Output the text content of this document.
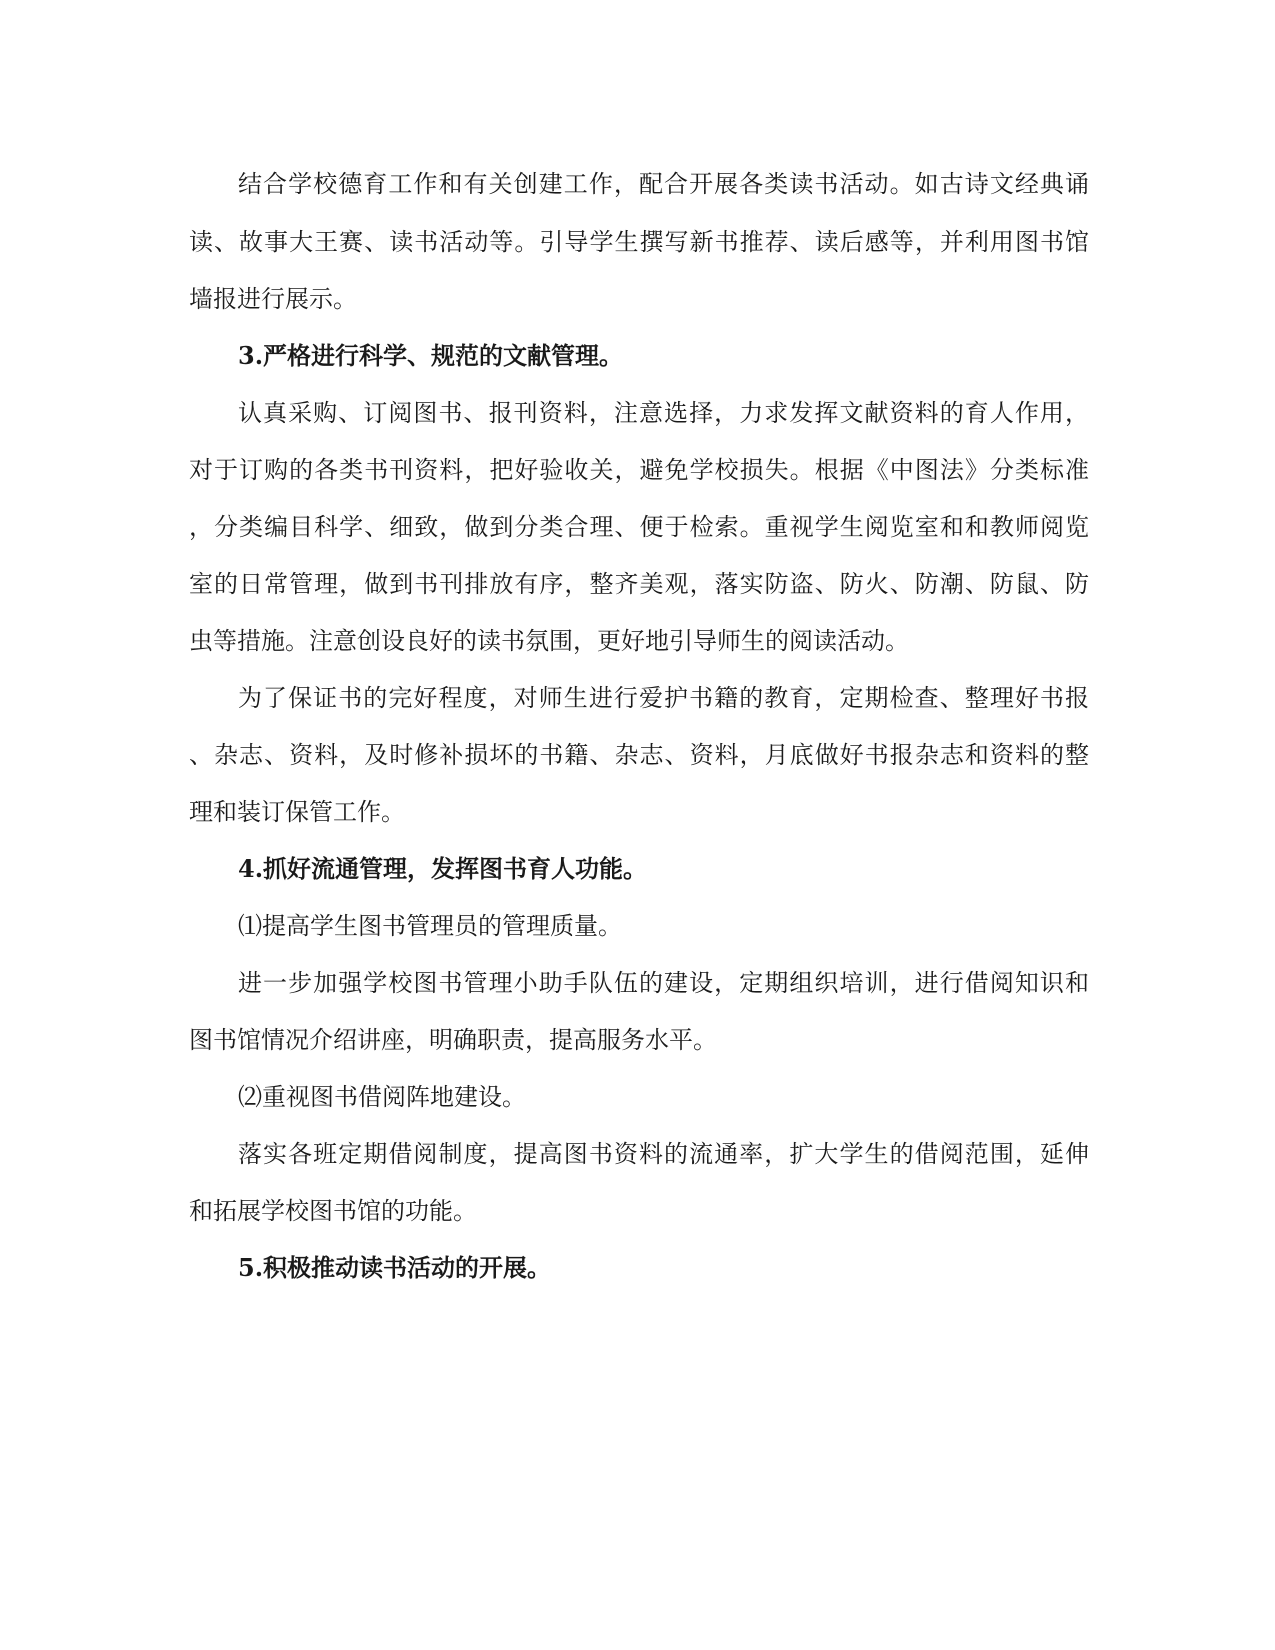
结合学校德育工作和有关创建工作，配合开展各类读书活动。如古诗文经典诵
读、故事大王赛、读书活动等。引导学生撰写新书推荐、读后感等，并利用图书馆
墙报进行展示。
3.严格进行科学、规范的文献管理。
认真采购、订阅图书、报刊资料，注意选择，力求发挥文献资料的育人作用，
对于订购的各类书刊资料，把好验收关，避免学校损失。根据《中图法》分类标准
，分类编目科学、细致，做到分类合理、便于检索。重视学生阅览室和和教师阅览
室的日常管理，做到书刊排放有序，整齐美观，落实防盗、防火、防潮、防鼠、防
虫等措施。注意创设良好的读书氛围，更好地引导师生的阅读活动。
为了保证书的完好程度，对师生进行爱护书籍的教育，定期检查、整理好书报
、杂志、资料，及时修补损坏的书籍、杂志、资料，月底做好书报杂志和资料的整
理和装订保管工作。
4.抓好流通管理，发挥图书育人功能。
⑴提高学生图书管理员的管理质量。
进一步加强学校图书管理小助手队伍的建设，定期组织培训，进行借阅知识和
图书馆情况介绍讲座，明确职责，提高服务水平。
⑵重视图书借阅阵地建设。
落实各班定期借阅制度，提高图书资料的流通率，扩大学生的借阅范围，延伸
和拓展学校图书馆的功能。
5.积极推动读书活动的开展。
